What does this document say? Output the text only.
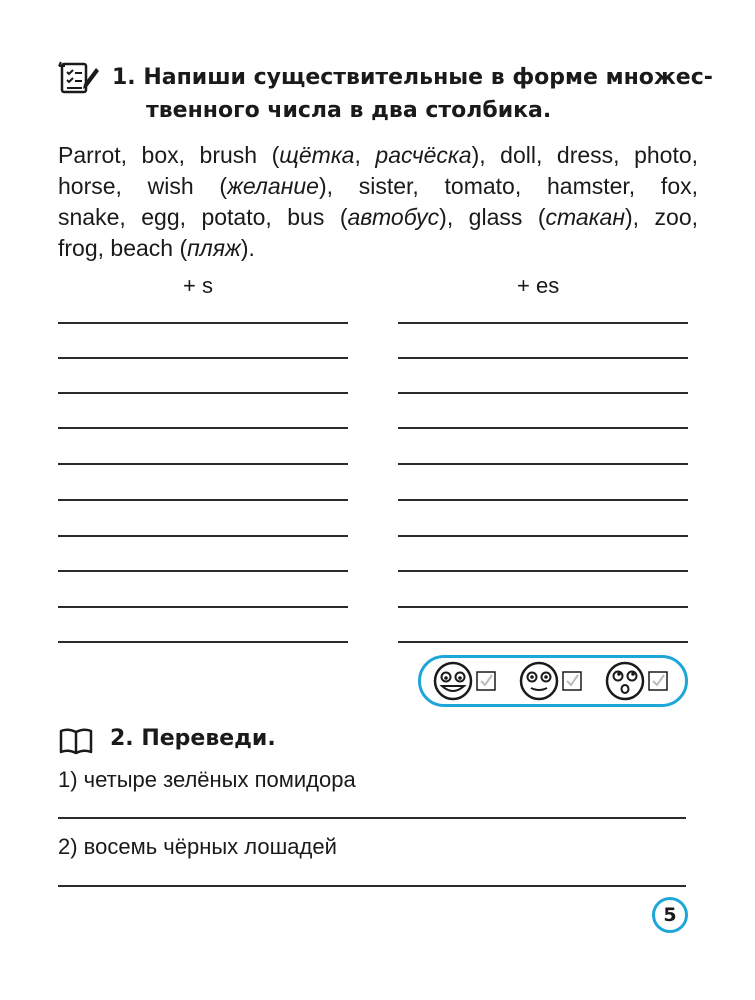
1. Напиши существительные в форме множес-
твенного числа в два столбика.
Parrot, box, brush (щётка, расчёска), doll, dress, photo,
horse, wish (желание), sister, tomato, hamster, fox,
snake, egg, potato, bus (автобус), glass (стакан), zoo,
frog, beach (пляж).
+ s	+ es
2. Переведи.
1) четыре зелёных помидора
2) восемь чёрных лошадей
5
